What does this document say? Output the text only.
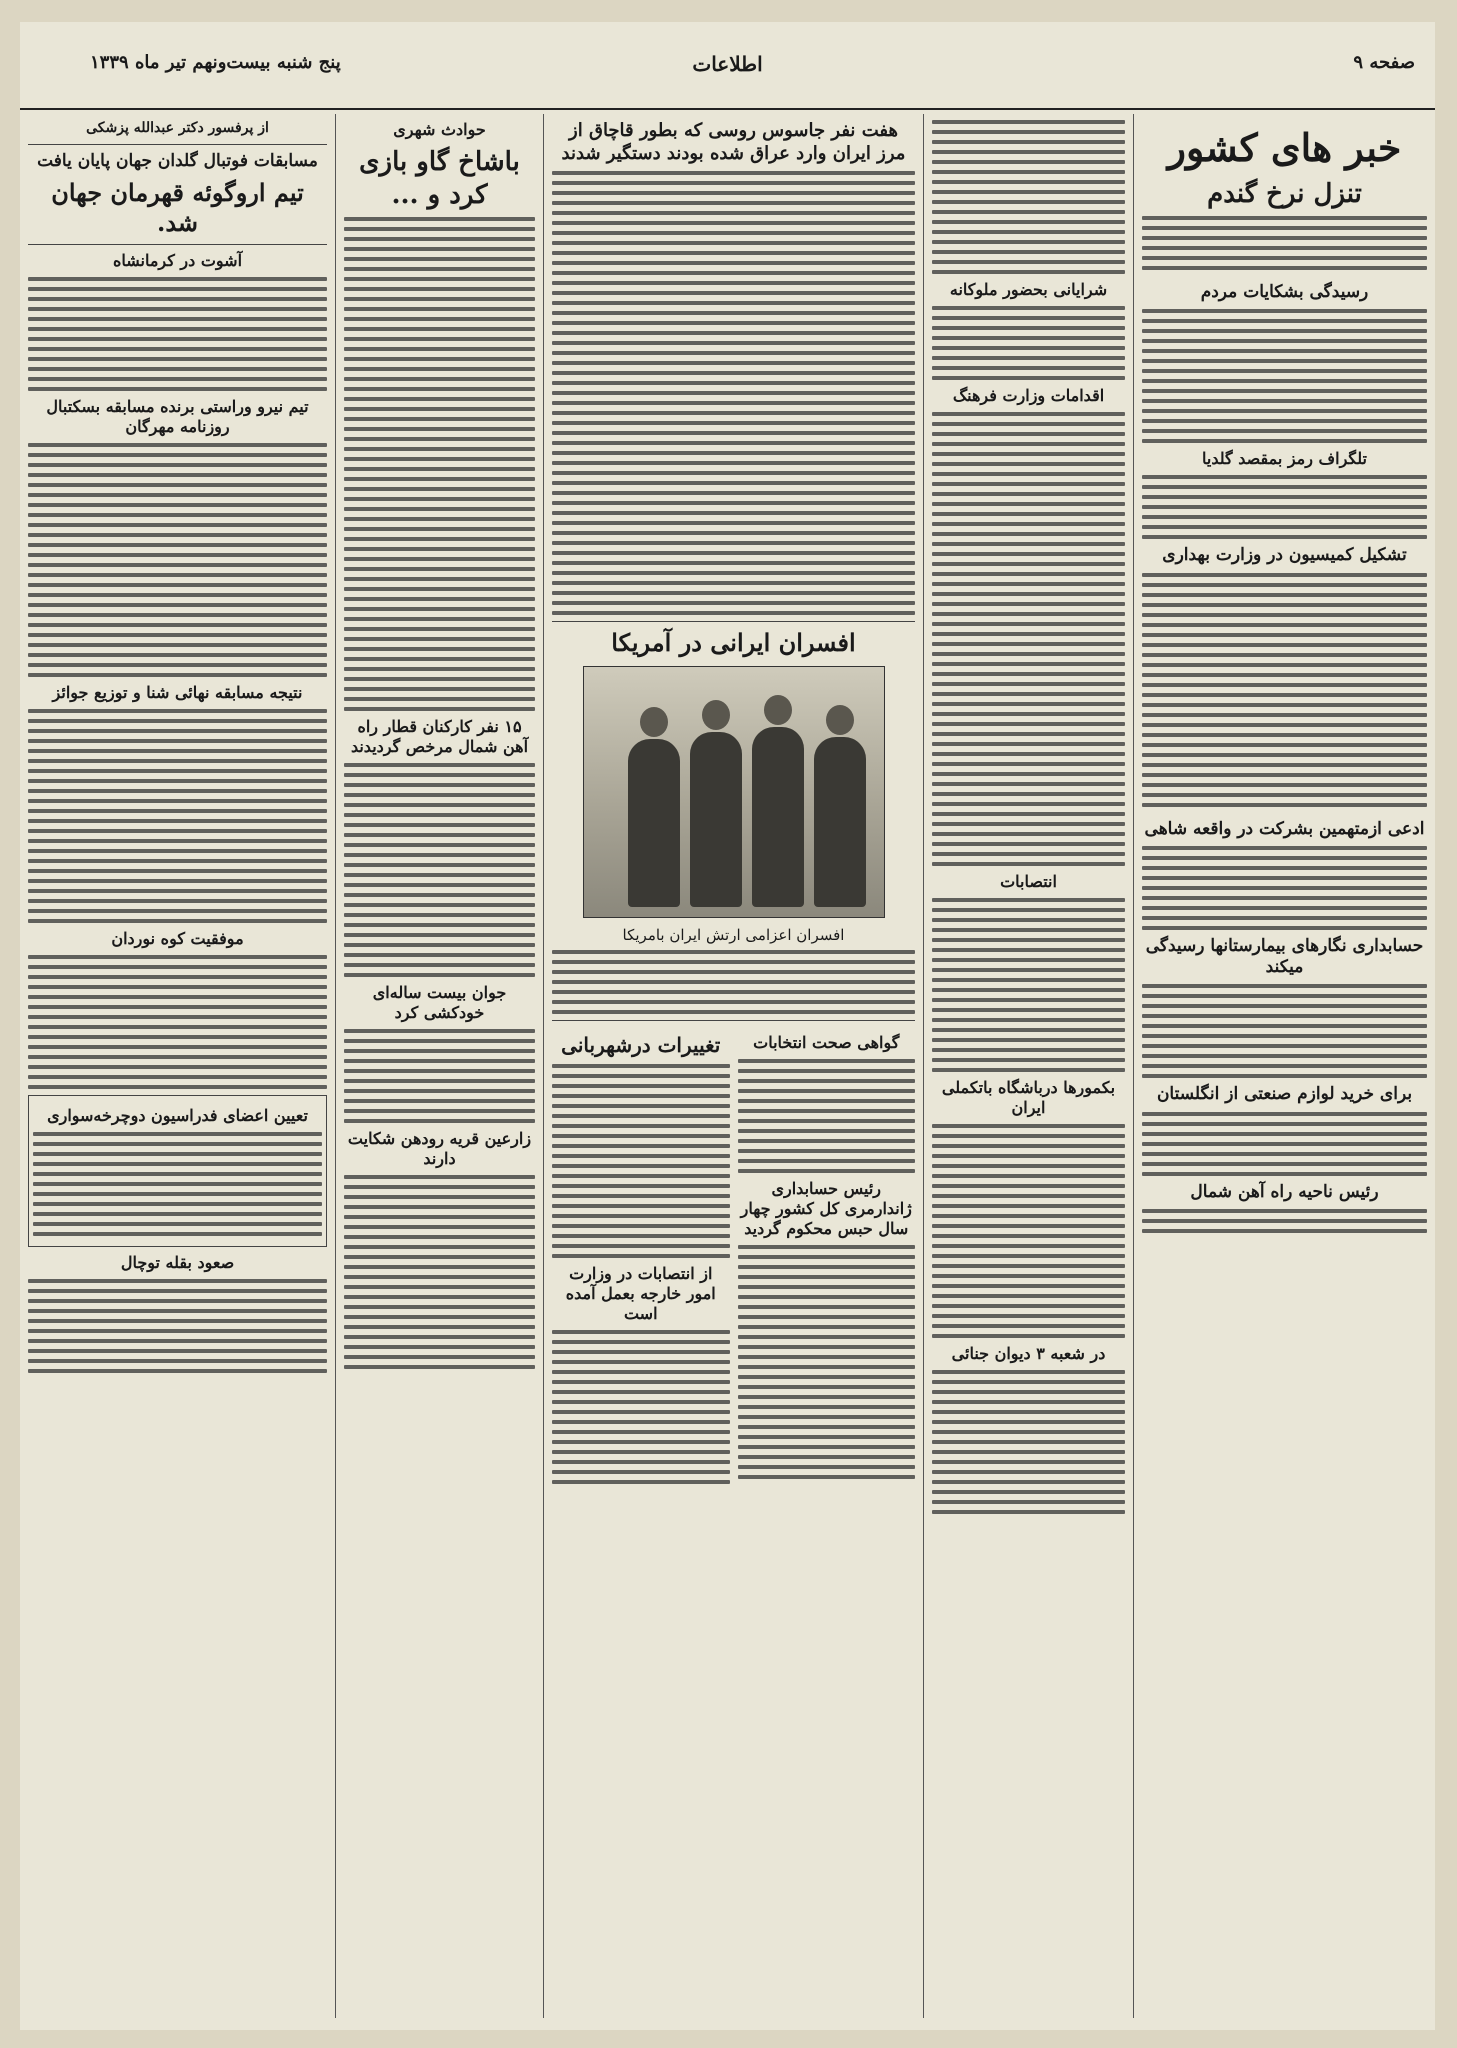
صفحه ۹
اطلاعات
پنج شنبه بیست‌ونهم تیر ماه ۱۳۳۹
خبر های کشور
تنزل نرخ گندم
رسیدگی بشکایات مردم
تلگراف رمز بمقصد گلدیا
تشکیل کمیسیون در وزارت بهداری
ادعی ازمتهمین بشرکت در واقعه شاهی
حسابداری نگارهای بیمارستانها رسیدگی میکند
برای خرید لوازم صنعتی از انگلستان
رئیس ناحیه راه آهن شمال
شرایانی بحضور ملوکانه
اقدامات وزارت فرهنگ
انتصابات
بکمورها درباشگاه باتکملی ایران
در شعبه ۳ دیوان جنائی
هفت نفر جاسوس روسی که بطور قاچاق از مرز ایران وارد عراق شده بودند دستگیر شدند
افسران ایرانی در آمریکا
افسران اعزامی ارتش ایران بامریکا
گواهی صحت انتخابات
رئیس حسابداری ژاندارمری کل کشور چهار سال حبس محکوم گردید
تغییرات درشهربانی
از انتصابات در وزارت امور خارجه بعمل آمده است
حوادث شهری
باشاخ گاو بازی کرد و ...
۱۵ نفر کارکنان قطار راه آهن شمال مرخص گردیدند
جوان بیست ساله‌ای خودکشی کرد
زارعین قریه رودهن شکایت دارند
از پرفسور دکتر عبدالله پزشکی
مسابقات فوتبال گلدان جهان پایان یافت
تیم اروگوئه قهرمان جهان شد.
آشوت در کرمانشاه
تیم نیرو وراستی برنده مسابقه بسکتبال روزنامه مهرگان
نتیجه مسابقه نهائی شنا و توزیع جوائز
موفقیت کوه نوردان
تعیین اعضای فدراسیون دوچرخه‌سواری
صعود بقله توچال
